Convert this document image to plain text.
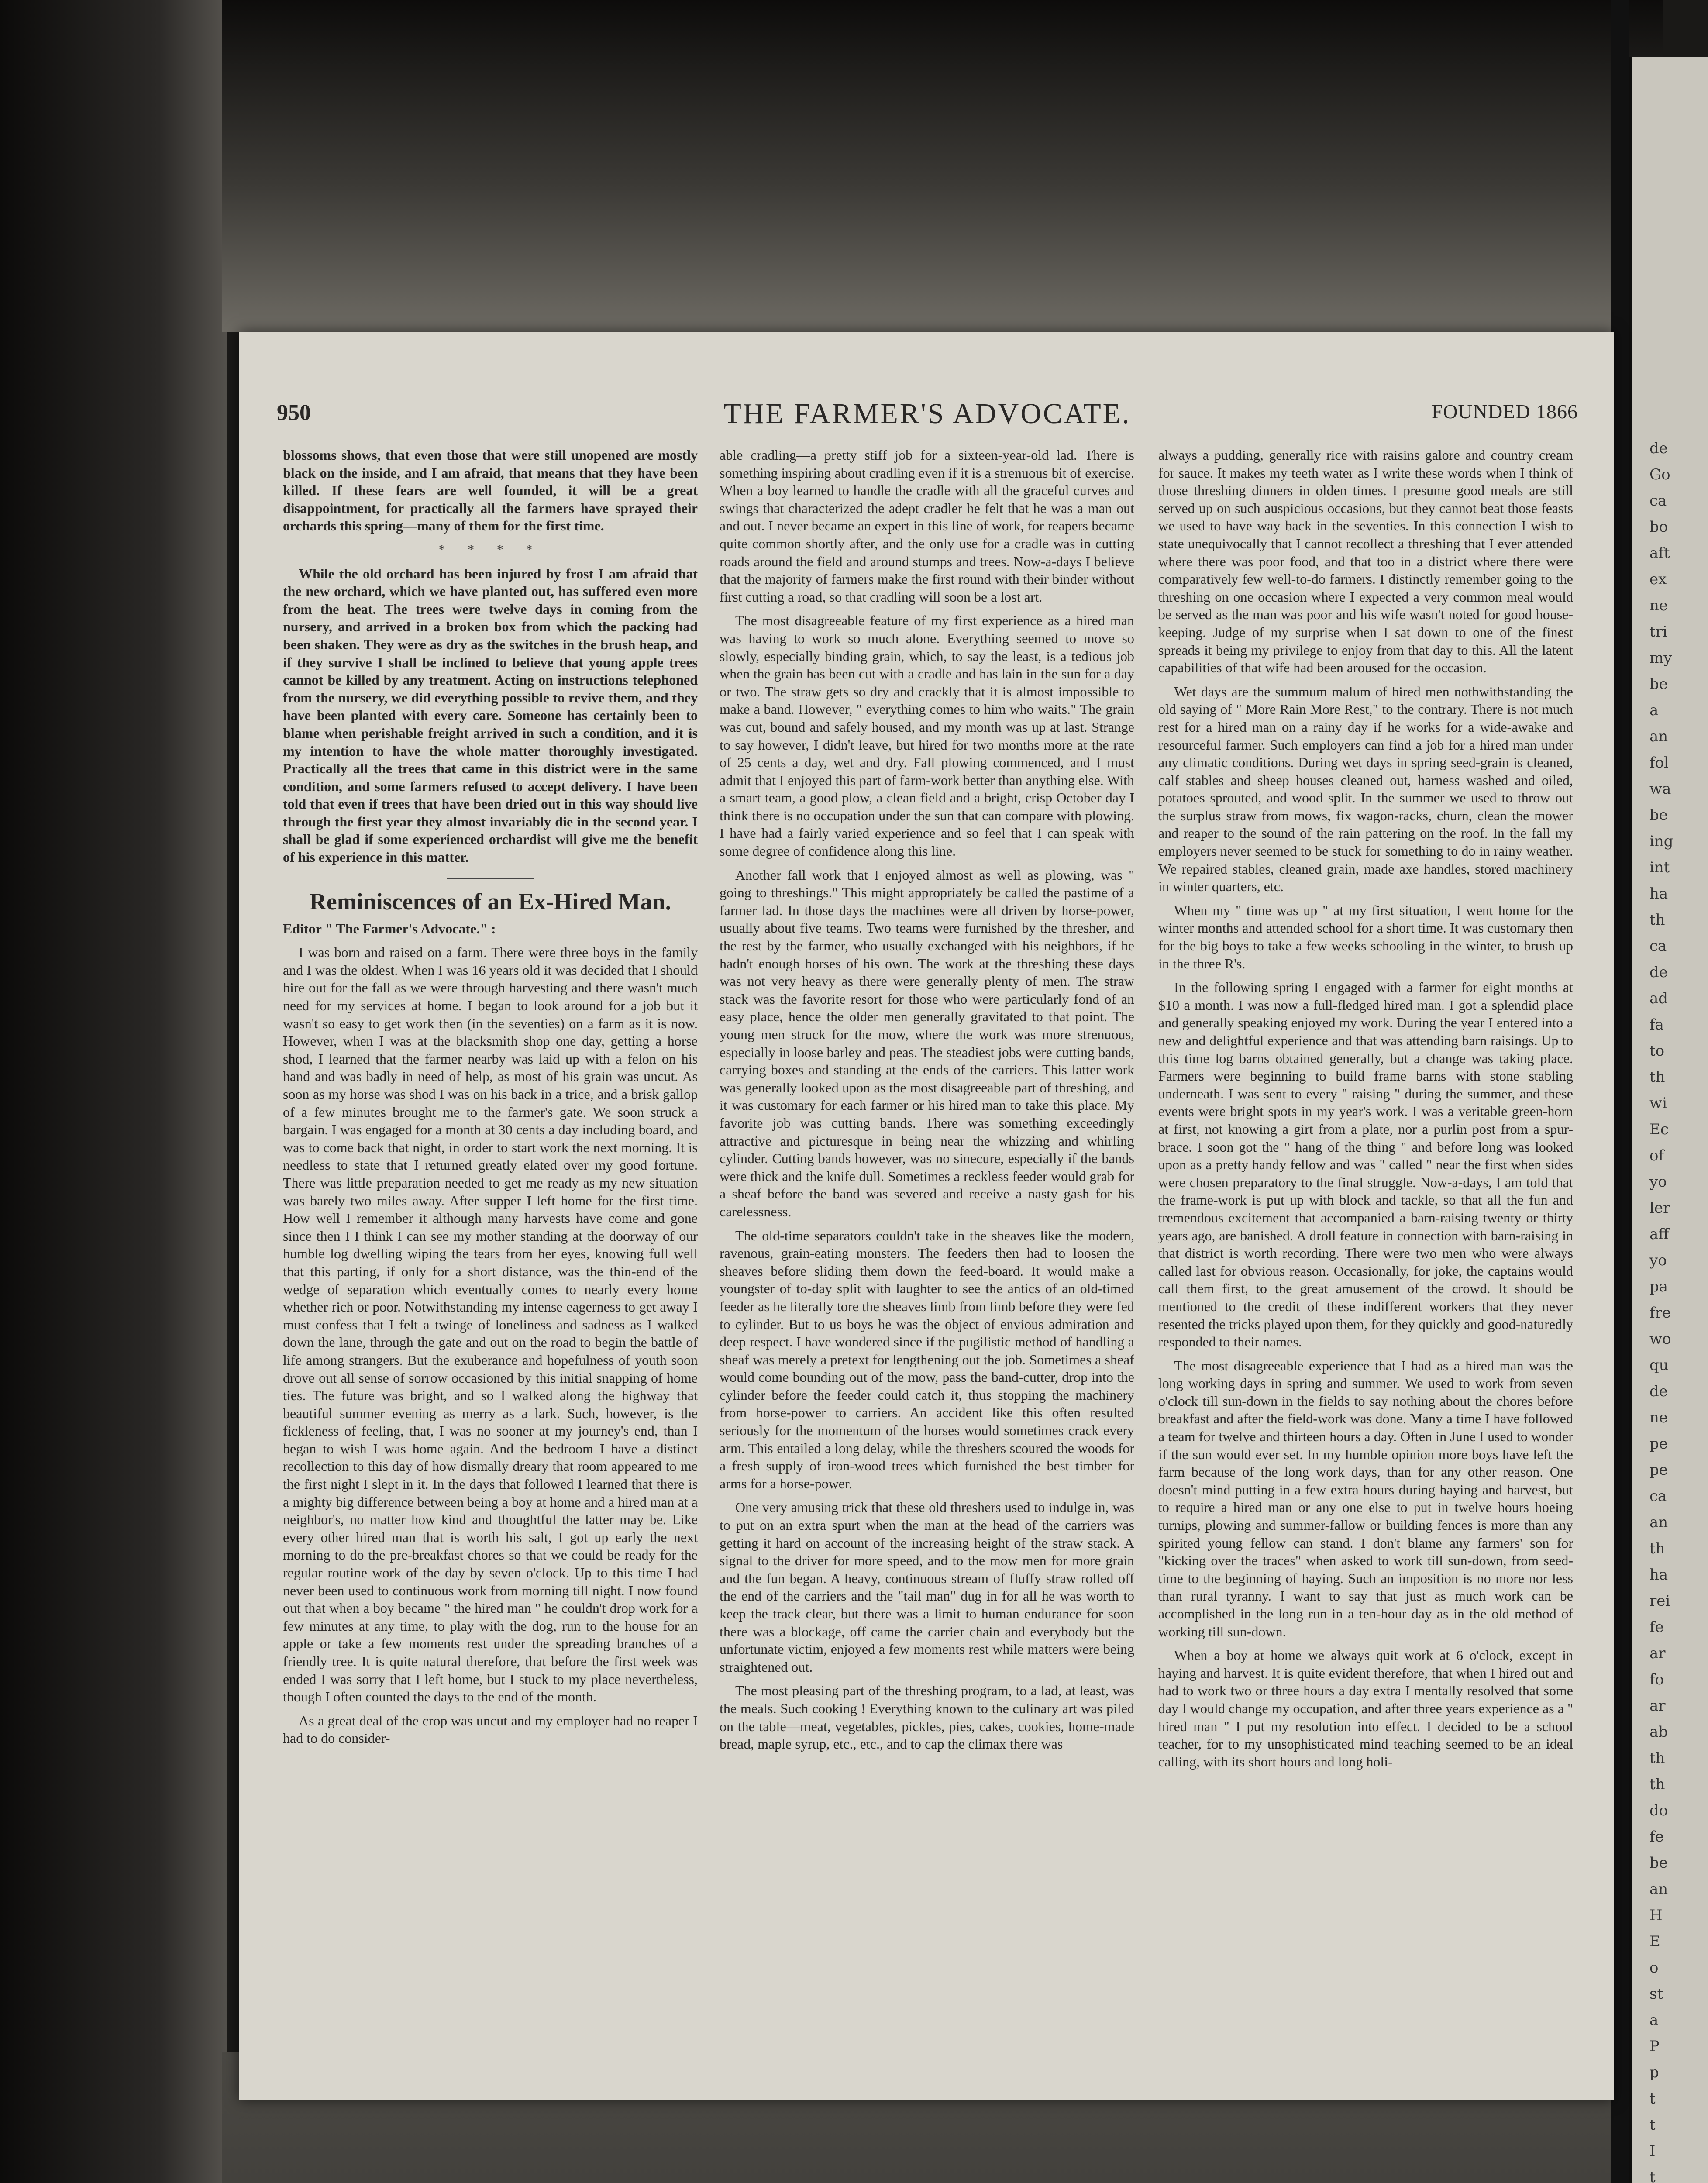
de
Go
ca
bo
aft
ex
ne
tri
my
be
a
an
fol
wa
be
ing
int
ha
th
ca
de
ad
fa
to
th
wi
Ec
of
yo
ler
aff
yo
pa
fre
wo
qu
de
ne
pe
pe
ca
an
th
ha
rei
fe
ar
fo
ar
ab
th
th
do
fe
be
an
H
E
o
st
a
P
p
t
t
I
t
950	THE FARMER'S ADVOCATE.	FOUNDED 1866

blossoms shows, that even those that were still unopened are mostly black on the inside, and I am afraid, that means that they have been killed. If these fears are well founded, it will be a great disappointment, for practically all the farmers have sprayed their orchards this spring—many of them for the first time.

* * * *

While the old orchard has been injured by frost I am afraid that the new orchard, which we have planted out, has suffered even more from the heat. The trees were twelve days in coming from the nursery, and arrived in a broken box from which the packing had been shaken. They were as dry as the switches in the brush heap, and if they survive I shall be inclined to believe that young apple trees cannot be killed by any treatment. Acting on instructions telephoned from the nursery, we did everything possible to revive them, and they have been planted with every care. Someone has certainly been to blame when perishable freight arrived in such a condition, and it is my intention to have the whole matter thoroughly investigated. Practically all the trees that came in this district were in the same condition, and some farmers refused to accept delivery. I have been told that even if trees that have been dried out in this way should live through the first year they almost invariably die in the second year. I shall be glad if some experienced orchardist will give me the benefit of his experience in this matter.

Reminiscences of an Ex-Hired Man.

Editor " The Farmer's Advocate." :

I was born and raised on a farm. There were three boys in the family and I was the oldest. When I was 16 years old it was decided that I should hire out for the fall as we were through harvesting and there wasn't much need for my services at home. I began to look around for a job but it wasn't so easy to get work then (in the seventies) on a farm as it is now. However, when I was at the blacksmith shop one day, getting a horse shod, I learned that the farmer nearby was laid up with a felon on his hand and was badly in need of help, as most of his grain was uncut. As soon as my horse was shod I was on his back in a trice, and a brisk gallop of a few minutes brought me to the farmer's gate. We soon struck a bargain. I was engaged for a month at 30 cents a day including board, and was to come back that night, in order to start work the next morning. It is needless to state that I returned greatly elated over my good fortune. There was little preparation needed to get me ready as my new situation was barely two miles away. After supper I left home for the first time. How well I remember it although many harvests have come and gone since then I I think I can see my mother standing at the doorway of our humble log dwelling wiping the tears from her eyes, knowing full well that this parting, if only for a short distance, was the thin-end of the wedge of separation which eventually comes to nearly every home whether rich or poor. Notwithstanding my intense eagerness to get away I must confess that I felt a twinge of loneliness and sadness as I walked down the lane, through the gate and out on the road to begin the battle of life among strangers. But the exuberance and hopefulness of youth soon drove out all sense of sorrow occasioned by this initial snapping of home ties. The future was bright, and so I walked along the highway that beautiful summer evening as merry as a lark. Such, however, is the fickleness of feeling, that, I was no sooner at my journey's end, than I began to wish I was home again. And the bedroom I have a distinct recollection to this day of how dismally dreary that room appeared to me the first night I slept in it. In the days that followed I learned that there is a mighty big difference between being a boy at home and a hired man at a neighbor's, no matter how kind and thoughtful the latter may be. Like every other hired man that is worth his salt, I got up early the next morning to do the pre-breakfast chores so that we could be ready for the regular routine work of the day by seven o'clock. Up to this time I had never been used to continuous work from morning till night. I now found out that when a boy became " the hired man " he couldn't drop work for a few minutes at any time, to play with the dog, run to the house for an apple or take a few moments rest under the spreading branches of a friendly tree. It is quite natural therefore, that before the first week was ended I was sorry that I left home, but I stuck to my place nevertheless, though I often counted the days to the end of the month.

As a great deal of the crop was uncut and my employer had no reaper I had to do consider-

able cradling—a pretty stiff job for a sixteen-year-old lad. There is something inspiring about cradling even if it is a strenuous bit of exercise. When a boy learned to handle the cradle with all the graceful curves and swings that characterized the adept cradler he felt that he was a man out and out. I never became an expert in this line of work, for reapers became quite common shortly after, and the only use for a cradle was in cutting roads around the field and around stumps and trees. Now-a-days I believe that the majority of farmers make the first round with their binder without first cutting a road, so that cradling will soon be a lost art.

The most disagreeable feature of my first experience as a hired man was having to work so much alone. Everything seemed to move so slowly, especially binding grain, which, to say the least, is a tedious job when the grain has been cut with a cradle and has lain in the sun for a day or two. The straw gets so dry and crackly that it is almost impossible to make a band. However, " everything comes to him who waits." The grain was cut, bound and safely housed, and my month was up at last. Strange to say however, I didn't leave, but hired for two months more at the rate of 25 cents a day, wet and dry. Fall plowing commenced, and I must admit that I enjoyed this part of farm-work better than anything else. With a smart team, a good plow, a clean field and a bright, crisp October day I think there is no occupation under the sun that can compare with plowing. I have had a fairly varied experience and so feel that I can speak with some degree of confidence along this line.

Another fall work that I enjoyed almost as well as plowing, was " going to threshings." This might appropriately be called the pastime of a farmer lad. In those days the machines were all driven by horse-power, usually about five teams. Two teams were furnished by the thresher, and the rest by the farmer, who usually exchanged with his neighbors, if he hadn't enough horses of his own. The work at the threshing these days was not very heavy as there were generally plenty of men. The straw stack was the favorite resort for those who were particularly fond of an easy place, hence the older men generally gravitated to that point. The young men struck for the mow, where the work was more strenuous, especially in loose barley and peas. The steadiest jobs were cutting bands, carrying boxes and standing at the ends of the carriers. This latter work was generally looked upon as the most disagreeable part of threshing, and it was customary for each farmer or his hired man to take this place. My favorite job was cutting bands. There was something exceedingly attractive and picturesque in being near the whizzing and whirling cylinder. Cutting bands however, was no sinecure, especially if the bands were thick and the knife dull. Sometimes a reckless feeder would grab for a sheaf before the band was severed and receive a nasty gash for his carelessness.

The old-time separators couldn't take in the sheaves like the modern, ravenous, grain-eating monsters. The feeders then had to loosen the sheaves before sliding them down the feed-board. It would make a youngster of to-day split with laughter to see the antics of an old-timed feeder as he literally tore the sheaves limb from limb before they were fed to cylinder. But to us boys he was the object of envious admiration and deep respect. I have wondered since if the pugilistic method of handling a sheaf was merely a pretext for lengthening out the job. Sometimes a sheaf would come bounding out of the mow, pass the band-cutter, drop into the cylinder before the feeder could catch it, thus stopping the machinery from horse-power to carriers. An accident like this often resulted seriously for the momentum of the horses would sometimes crack every arm. This entailed a long delay, while the threshers scoured the woods for a fresh supply of iron-wood trees which furnished the best timber for arms for a horse-power.

One very amusing trick that these old threshers used to indulge in, was to put on an extra spurt when the man at the head of the carriers was getting it hard on account of the increasing height of the straw stack. A signal to the driver for more speed, and to the mow men for more grain and the fun began. A heavy, continuous stream of fluffy straw rolled off the end of the carriers and the "tail man" dug in for all he was worth to keep the track clear, but there was a limit to human endurance for soon there was a blockage, off came the carrier chain and everybody but the unfortunate victim, enjoyed a few moments rest while matters were being straightened out.

The most pleasing part of the threshing program, to a lad, at least, was the meals. Such cooking ! Everything known to the culinary art was piled on the table—meat, vegetables, pickles, pies, cakes, cookies, home-made bread, maple syrup, etc., etc., and to cap the climax there was

always a pudding, generally rice with raisins galore and country cream for sauce. It makes my teeth water as I write these words when I think of those threshing dinners in olden times. I presume good meals are still served up on such auspicious occasions, but they cannot beat those feasts we used to have way back in the seventies. In this connection I wish to state unequivocally that I cannot recollect a threshing that I ever attended where there was poor food, and that too in a district where there were comparatively few well-to-do farmers. I distinctly remember going to the threshing on one occasion where I expected a very common meal would be served as the man was poor and his wife wasn't noted for good house-keeping. Judge of my surprise when I sat down to one of the finest spreads it being my privilege to enjoy from that day to this. All the latent capabilities of that wife had been aroused for the occasion.

Wet days are the summum malum of hired men nothwithstanding the old saying of " More Rain More Rest," to the contrary. There is not much rest for a hired man on a rainy day if he works for a wide-awake and resourceful farmer. Such employers can find a job for a hired man under any climatic conditions. During wet days in spring seed-grain is cleaned, calf stables and sheep houses cleaned out, harness washed and oiled, potatoes sprouted, and wood split. In the summer we used to throw out the surplus straw from mows, fix wagon-racks, churn, clean the mower and reaper to the sound of the rain pattering on the roof. In the fall my employers never seemed to be stuck for something to do in rainy weather. We repaired stables, cleaned grain, made axe handles, stored machinery in winter quarters, etc.

When my " time was up " at my first situation, I went home for the winter months and attended school for a short time. It was customary then for the big boys to take a few weeks schooling in the winter, to brush up in the three R's.

In the following spring I engaged with a farmer for eight months at $10 a month. I was now a full-fledged hired man. I got a splendid place and generally speaking enjoyed my work. During the year I entered into a new and delightful experience and that was attending barn raisings. Up to this time log barns obtained generally, but a change was taking place. Farmers were beginning to build frame barns with stone stabling underneath. I was sent to every " raising " during the summer, and these events were bright spots in my year's work. I was a veritable green-horn at first, not knowing a girt from a plate, nor a purlin post from a spur-brace. I soon got the " hang of the thing " and before long was looked upon as a pretty handy fellow and was " called " near the first when sides were chosen preparatory to the final struggle. Now-a-days, I am told that the frame-work is put up with block and tackle, so that all the fun and tremendous excitement that accompanied a barn-raising twenty or thirty years ago, are banished. A droll feature in connection with barn-raising in that district is worth recording. There were two men who were always called last for obvious reason. Occasionally, for joke, the captains would call them first, to the great amusement of the crowd. It should be mentioned to the credit of these indifferent workers that they never resented the tricks played upon them, for they quickly and good-naturedly responded to their names.

The most disagreeable experience that I had as a hired man was the long working days in spring and summer. We used to work from seven o'clock till sun-down in the fields to say nothing about the chores before breakfast and after the field-work was done. Many a time I have followed a team for twelve and thirteen hours a day. Often in June I used to wonder if the sun would ever set. In my humble opinion more boys have left the farm because of the long work days, than for any other reason. One doesn't mind putting in a few extra hours during haying and harvest, but to require a hired man or any one else to put in twelve hours hoeing turnips, plowing and summer-fallow or building fences is more than any spirited young fellow can stand. I don't blame any farmers' son for "kicking over the traces" when asked to work till sun-down, from seed-time to the beginning of haying. Such an imposition is no more nor less than rural tyranny. I want to say that just as much work can be accomplished in the long run in a ten-hour day as in the old method of working till sun-down.

When a boy at home we always quit work at 6 o'clock, except in haying and harvest. It is quite evident therefore, that when I hired out and had to work two or three hours a day extra I mentally resolved that some day I would change my occupation, and after three years experience as a " hired man " I put my resolution into effect. I decided to be a school teacher, for to my unsophisticated mind teaching seemed to be an ideal calling, with its short hours and long holi-
